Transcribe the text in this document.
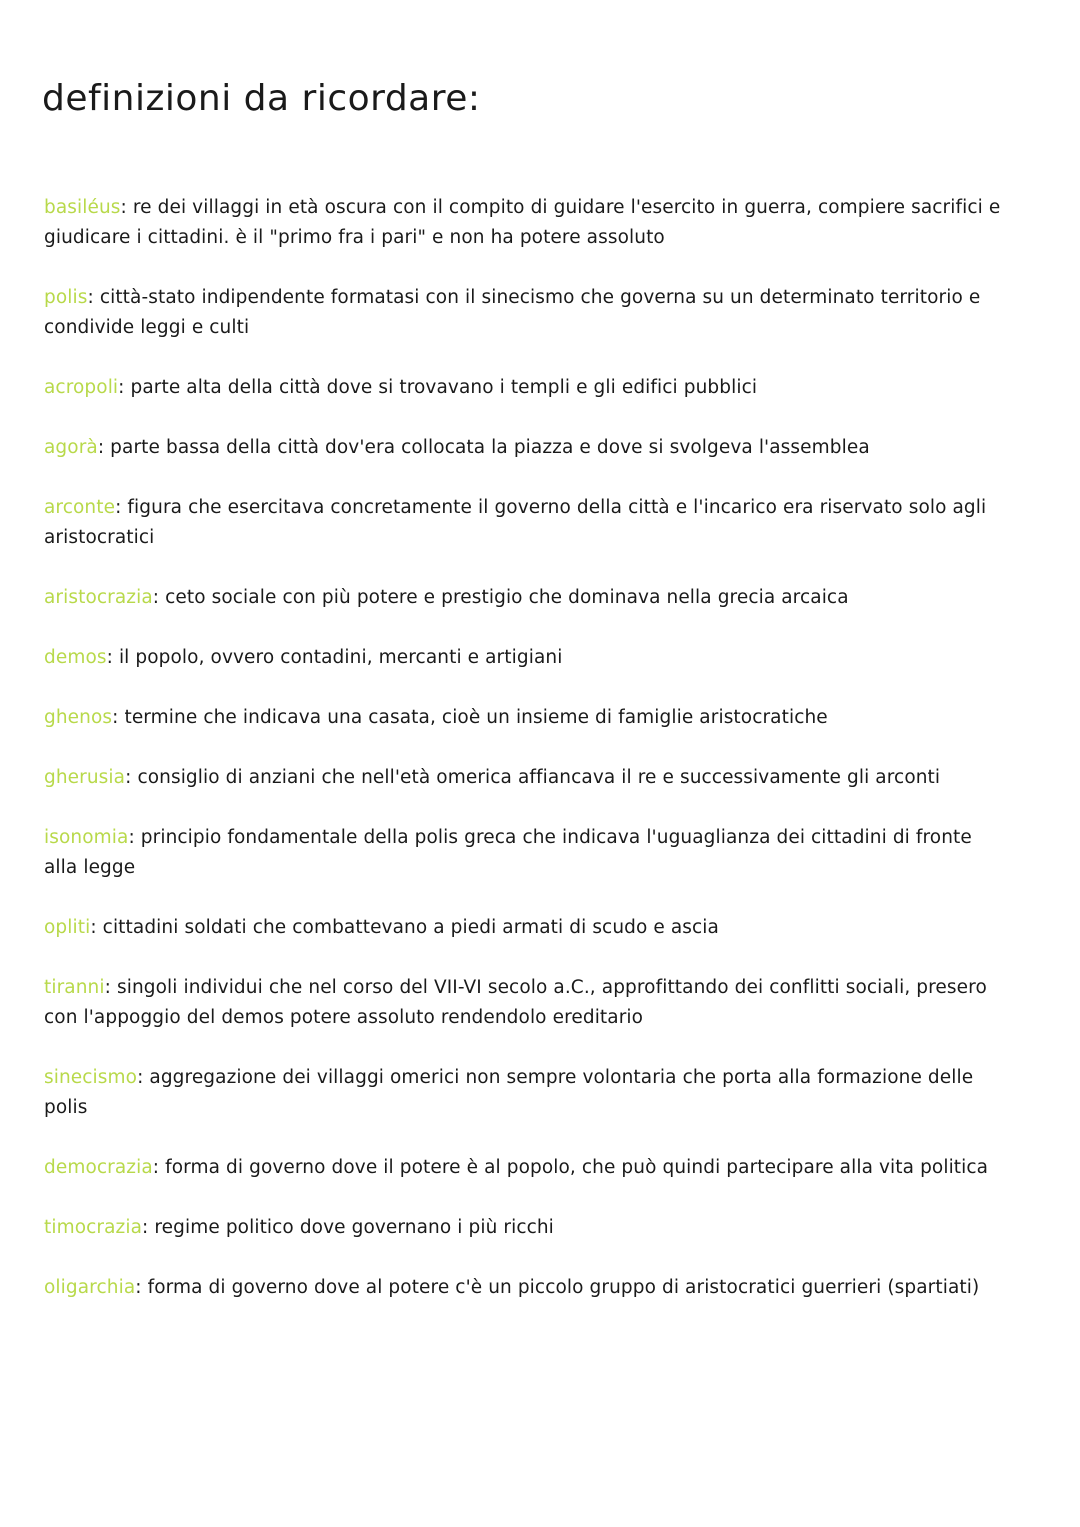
definizioni da ricordare:
basiléus: re dei villaggi in età oscura con il compito di guidare l'esercito in guerra, compiere sacrifici e giudicare i cittadini. è il "primo fra i pari" e non ha potere assoluto
polis: città-stato indipendente formatasi con il sinecismo che governa su un determinato territorio e condivide leggi e culti
acropoli: parte alta della città dove si trovavano i templi e gli edifici pubblici
agorà: parte bassa della città dov'era collocata la piazza e dove si svolgeva l'assemblea
arconte: figura che esercitava concretamente il governo della città e l'incarico era riservato solo agli aristocratici
aristocrazia: ceto sociale con più potere e prestigio che dominava nella grecia arcaica
demos: il popolo, ovvero contadini, mercanti e artigiani
ghenos: termine che indicava una casata, cioè un insieme di famiglie aristocratiche
gherusia: consiglio di anziani che nell'età omerica affiancava il re e successivamente gli arconti
isonomia: principio fondamentale della polis greca che indicava l'uguaglianza dei cittadini di fronte alla legge
opliti: cittadini soldati che combattevano a piedi armati di scudo e ascia
tiranni: singoli individui che nel corso del VII-VI secolo a.C., approfittando dei conflitti sociali, presero con l'appoggio del demos potere assoluto rendendolo ereditario
sinecismo: aggregazione dei villaggi omerici non sempre volontaria che porta alla formazione delle polis
democrazia: forma di governo dove il potere è al popolo, che può quindi partecipare alla vita politica
timocrazia: regime politico dove governano i più ricchi
oligarchia: forma di governo dove al potere c'è un piccolo gruppo di aristocratici guerrieri (spartiati)
